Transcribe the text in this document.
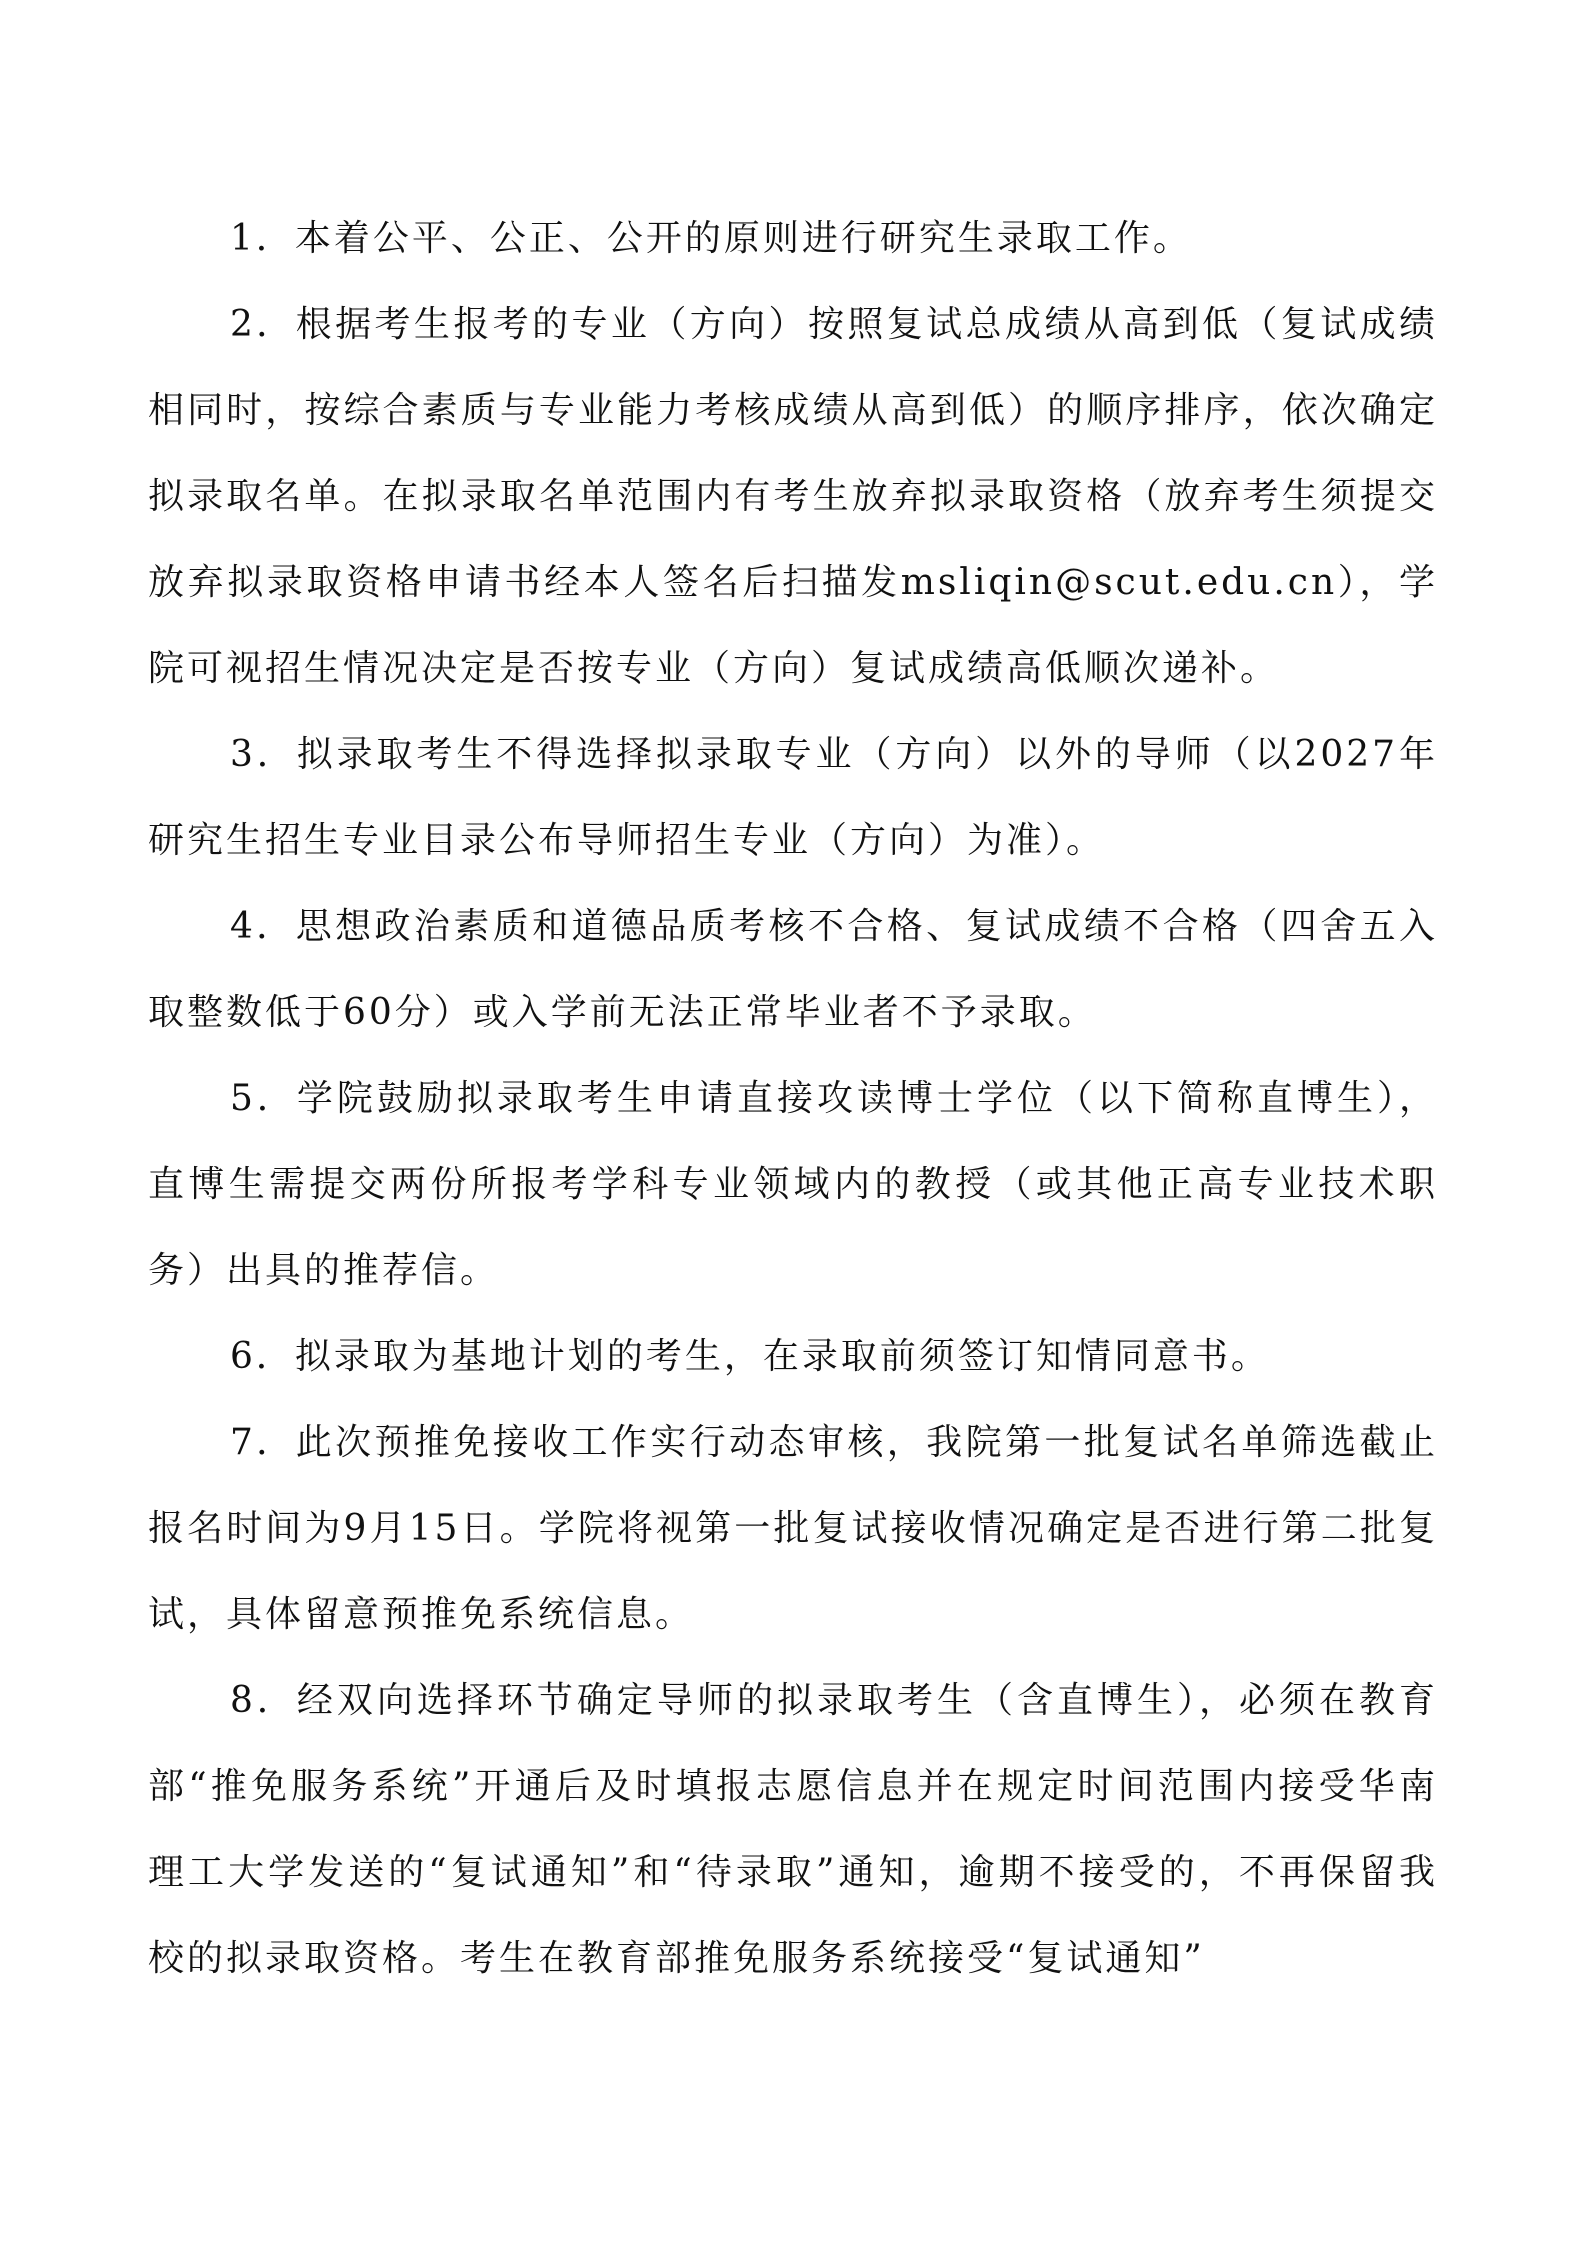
1．本着公平、公正、公开的原则进行研究生录取工作。

2．根据考生报考的专业（方向）按照复试总成绩从高到低（复试成绩相同时，按综合素质与专业能力考核成绩从高到低）的顺序排序，依次确定拟录取名单。在拟录取名单范围内有考生放弃拟录取资格（放弃考生须提交放弃拟录取资格申请书经本人签名后扫描发msliqin@scut.edu.cn），学院可视招生情况决定是否按专业（方向）复试成绩高低顺次递补。

3．拟录取考生不得选择拟录取专业（方向）以外的导师（以2027年研究生招生专业目录公布导师招生专业（方向）为准）。

4．思想政治素质和道德品质考核不合格、复试成绩不合格（四舍五入取整数低于60分）或入学前无法正常毕业者不予录取。

5．学院鼓励拟录取考生申请直接攻读博士学位（以下简称直博生），直博生需提交两份所报考学科专业领域内的教授（或其他正高专业技术职务）出具的推荐信。

6．拟录取为基地计划的考生，在录取前须签订知情同意书。

7．此次预推免接收工作实行动态审核，我院第一批复试名单筛选截止报名时间为9月15日。学院将视第一批复试接收情况确定是否进行第二批复试，具体留意预推免系统信息。

8．经双向选择环节确定导师的拟录取考生（含直博生），必须在教育部“推免服务系统”开通后及时填报志愿信息并在规定时间范围内接受华南理工大学发送的“复试通知”和“待录取”通知，逾期不接受的，不再保留我校的拟录取资格。考生在教育部推免服务系统接受“复试通知”
